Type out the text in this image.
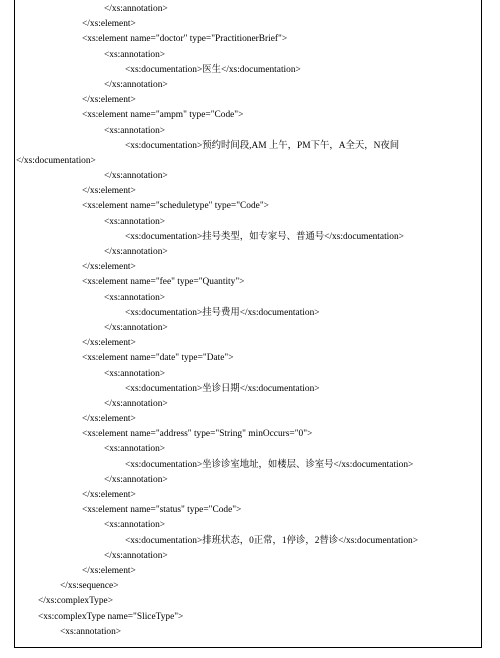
</xs:annotation>
</xs:element>
<xs:element name="doctor" type="PractitionerBrief">
<xs:annotation>
<xs:documentation>医生</xs:documentation>
</xs:annotation>
</xs:element>
<xs:element name="ampm" type="Code">
<xs:annotation>
<xs:documentation>预约时间段,AM 上午，PM下午，A全天，N夜间
</xs:documentation>
</xs:annotation>
</xs:element>
<xs:element name="scheduletype" type="Code">
<xs:annotation>
<xs:documentation>挂号类型，如专家号、普通号</xs:documentation>
</xs:annotation>
</xs:element>
<xs:element name="fee" type="Quantity">
<xs:annotation>
<xs:documentation>挂号费用</xs:documentation>
</xs:annotation>
</xs:element>
<xs:element name="date" type="Date">
<xs:annotation>
<xs:documentation>坐诊日期</xs:documentation>
</xs:annotation>
</xs:element>
<xs:element name="address" type="String" minOccurs="0">
<xs:annotation>
<xs:documentation>坐诊诊室地址，如楼层、诊室号</xs:documentation>
</xs:annotation>
</xs:element>
<xs:element name="status" type="Code">
<xs:annotation>
<xs:documentation>排班状态，0正常，1停诊，2替诊</xs:documentation>
</xs:annotation>
</xs:element>
</xs:sequence>
</xs:complexType>
<xs:complexType name="SliceType">
<xs:annotation>
